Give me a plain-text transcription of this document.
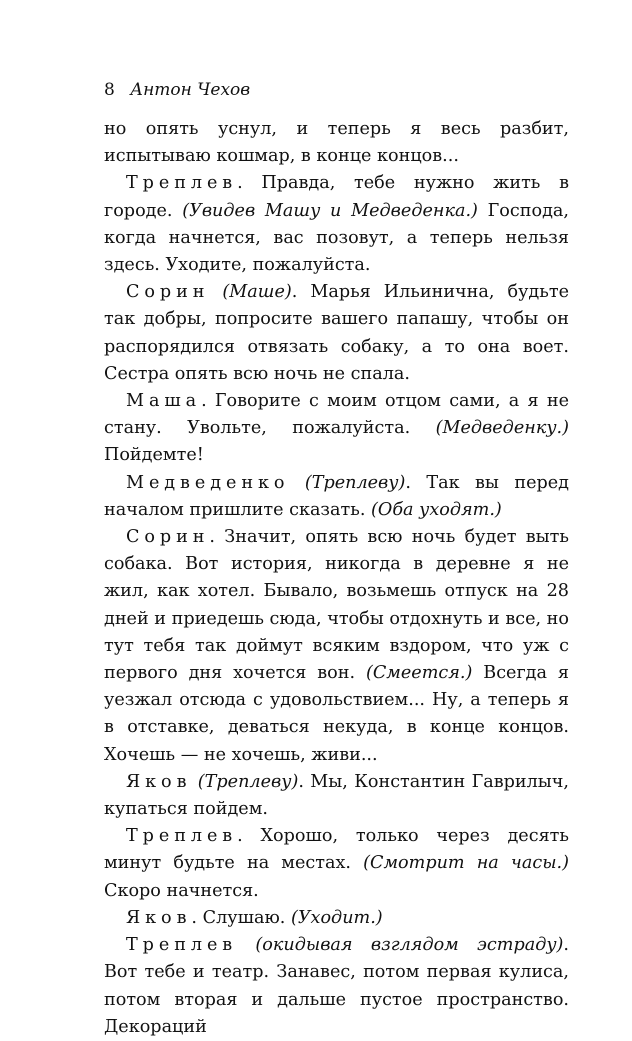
8 Антон Чехов

но опять уснул, и теперь я весь разбит, испытываю кошмар, в конце концов...

Треплев. Правда, тебе нужно жить в городе. (Увидев Машу и Медведенка.) Господа, когда начнется, вас позовут, а теперь нельзя здесь. Уходите, пожалуйста.

Сорин (Маше). Марья Ильинична, будьте так добры, попросите вашего папашу, чтобы он распорядился отвязать собаку, а то она воет. Сестра опять всю ночь не спала.

Маша. Говорите с моим отцом сами, а я не стану. Увольте, пожалуйста. (Медведенку.) Пойдемте!

Медведенко (Треплеву). Так вы перед началом пришлите сказать. (Оба уходят.)

Сорин. Значит, опять всю ночь будет выть собака. Вот история, никогда в деревне я не жил, как хотел. Бывало, возьмешь отпуск на 28 дней и приедешь сюда, чтобы отдохнуть и все, но тут тебя так доймут всяким вздором, что уж с первого дня хочется вон. (Смеется.) Всегда я уезжал отсюда с удовольствием... Ну, а теперь я в отставке, деваться некуда, в конце концов. Хочешь — не хочешь, живи...

Яков (Треплеву). Мы, Константин Гаврилыч, купаться пойдем.

Треплев. Хорошо, только через десять минут будьте на местах. (Смотрит на часы.) Скоро начнется.

Яков. Слушаю. (Уходит.)

Треплев (окидывая взглядом эстраду). Вот тебе и театр. Занавес, потом первая кулиса, потом вторая и дальше пустое пространство. Декораций
